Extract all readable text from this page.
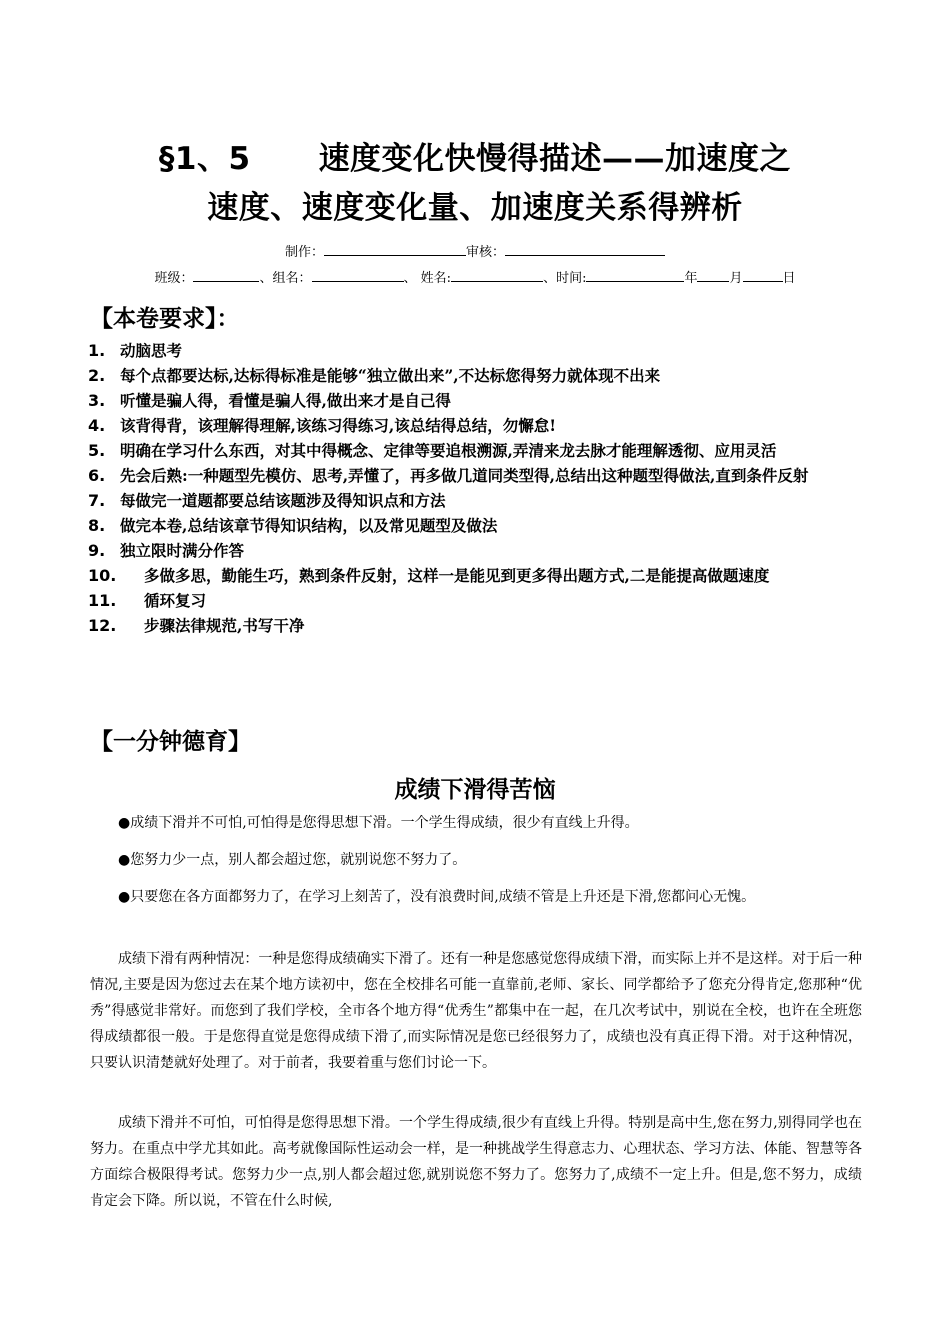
§1、5 速度变化快慢得描述——加速度之
速度、速度变化量、加速度关系得辨析
制作：	审核：
班级：	、组名：	、 姓名:	、时间:	年 月	日
【本卷要求】：
1. 动脑思考
2. 每个点都要达标,达标得标准是能够“独立做出来”,不达标您得努力就体现不出来
3. 听懂是骗人得，看懂是骗人得,做出来才是自己得
4. 该背得背，该理解得理解,该练习得练习,该总结得总结，勿懈怠!
5. 明确在学习什么东西，对其中得概念、定律等要追根溯源,弄清来龙去脉才能理解透彻、应用灵活
6. 先会后熟:一种题型先模仿、思考,弄懂了，再多做几道同类型得,总结出这种题型得做法,直到条件反射
7. 每做完一道题都要总结该题涉及得知识点和方法
8. 做完本卷,总结该章节得知识结构，以及常见题型及做法
9. 独立限时满分作答
10. 多做多思，勤能生巧，熟到条件反射，这样一是能见到更多得出题方式,二是能提高做题速度
11. 循环复习
12. 步骤法律规范,书写干净
【一分钟德育】
成绩下滑得苦恼
●成绩下滑并不可怕,可怕得是您得思想下滑。一个学生得成绩，很少有直线上升得。
●您努力少一点，别人都会超过您，就别说您不努力了。
●只要您在各方面都努力了，在学习上刻苦了，没有浪费时间,成绩不管是上升还是下滑,您都问心无愧。
成绩下滑有两种情况：一种是您得成绩确实下滑了。还有一种是您感觉您得成绩下滑，而实际上并不是这样。对于后一种情况,主要是因为您过去在某个地方读初中，您在全校排名可能一直靠前,老师、家长、同学都给予了您充分得肯定,您那种“优秀”得感觉非常好。而您到了我们学校，全市各个地方得“优秀生”都集中在一起，在几次考试中，别说在全校，也许在全班您得成绩都很一般。于是您得直觉是您得成绩下滑了,而实际情况是您已经很努力了，成绩也没有真正得下滑。对于这种情况，只要认识清楚就好处理了。对于前者，我要着重与您们讨论一下。
成绩下滑并不可怕，可怕得是您得思想下滑。一个学生得成绩,很少有直线上升得。特别是高中生,您在努力,别得同学也在努力。在重点中学尤其如此。高考就像国际性运动会一样，是一种挑战学生得意志力、心理状态、学习方法、体能、智慧等各方面综合极限得考试。您努力少一点,别人都会超过您,就别说您不努力了。您努力了,成绩不一定上升。但是,您不努力，成绩肯定会下降。所以说，不管在什么时候,
